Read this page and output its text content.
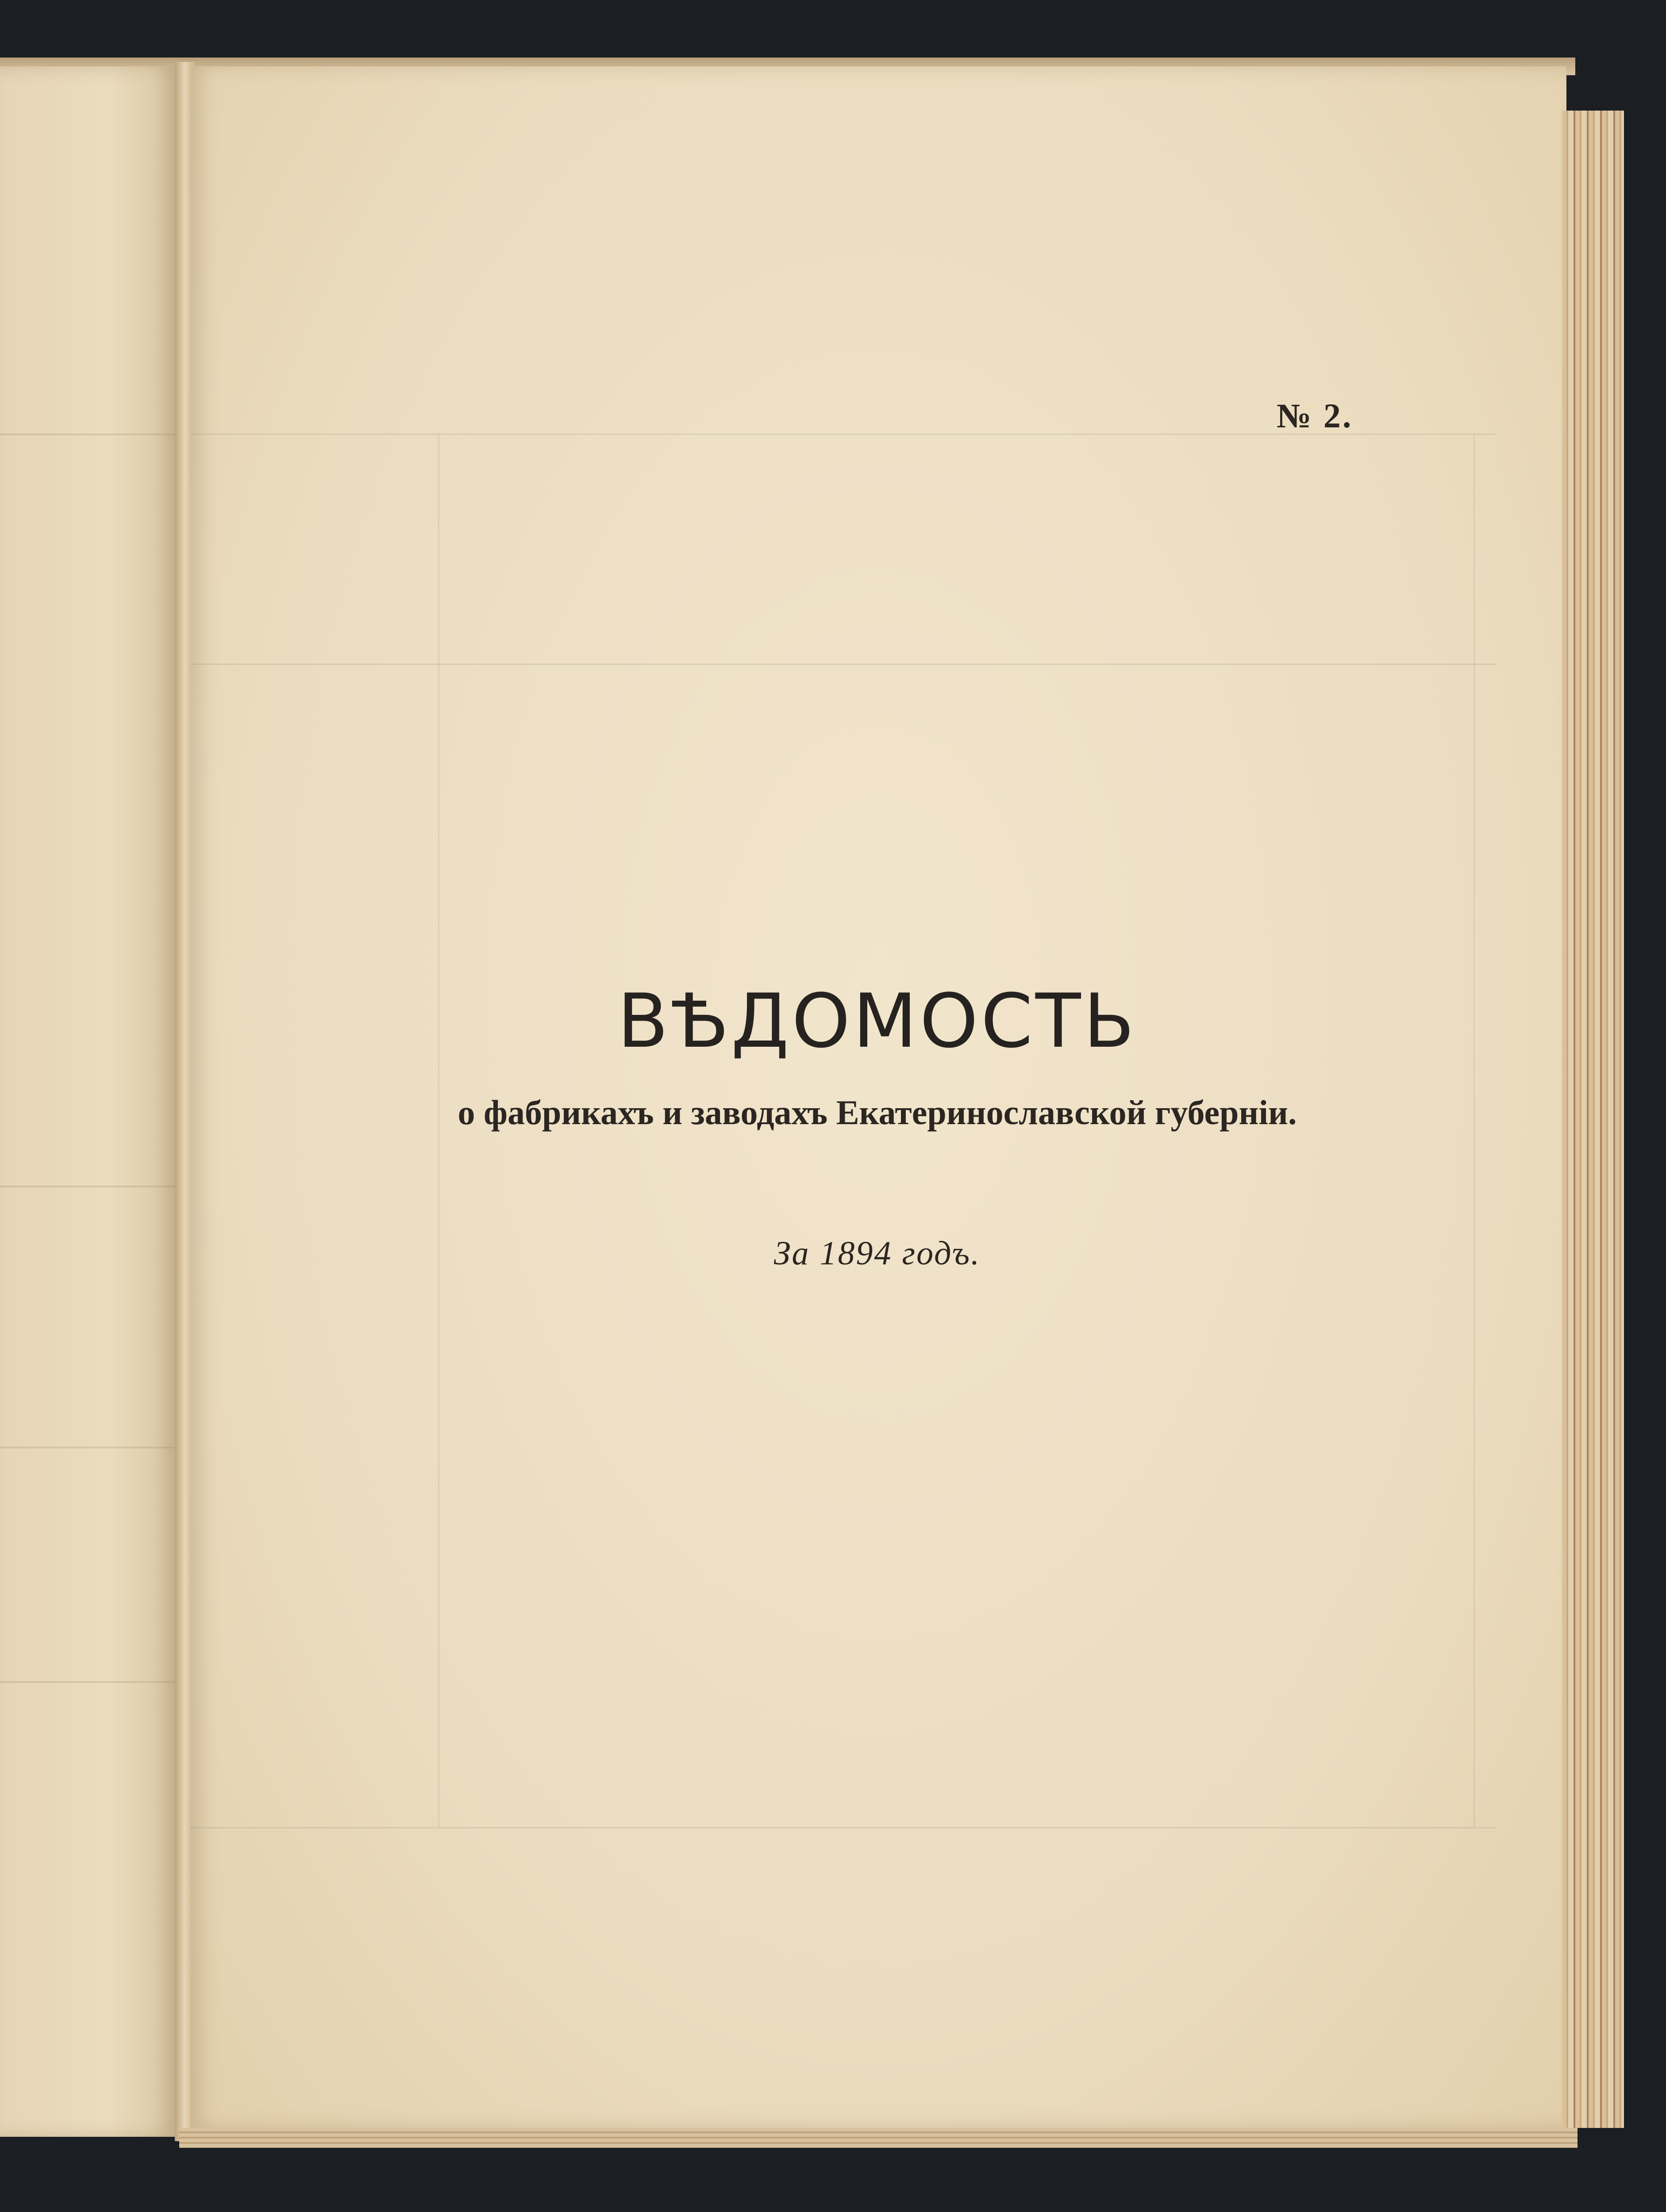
№ 2.
ВѢДОМОСТЬ
о фабрикахъ и заводахъ Екатеринославской губерніи.
За 1894 годъ.
